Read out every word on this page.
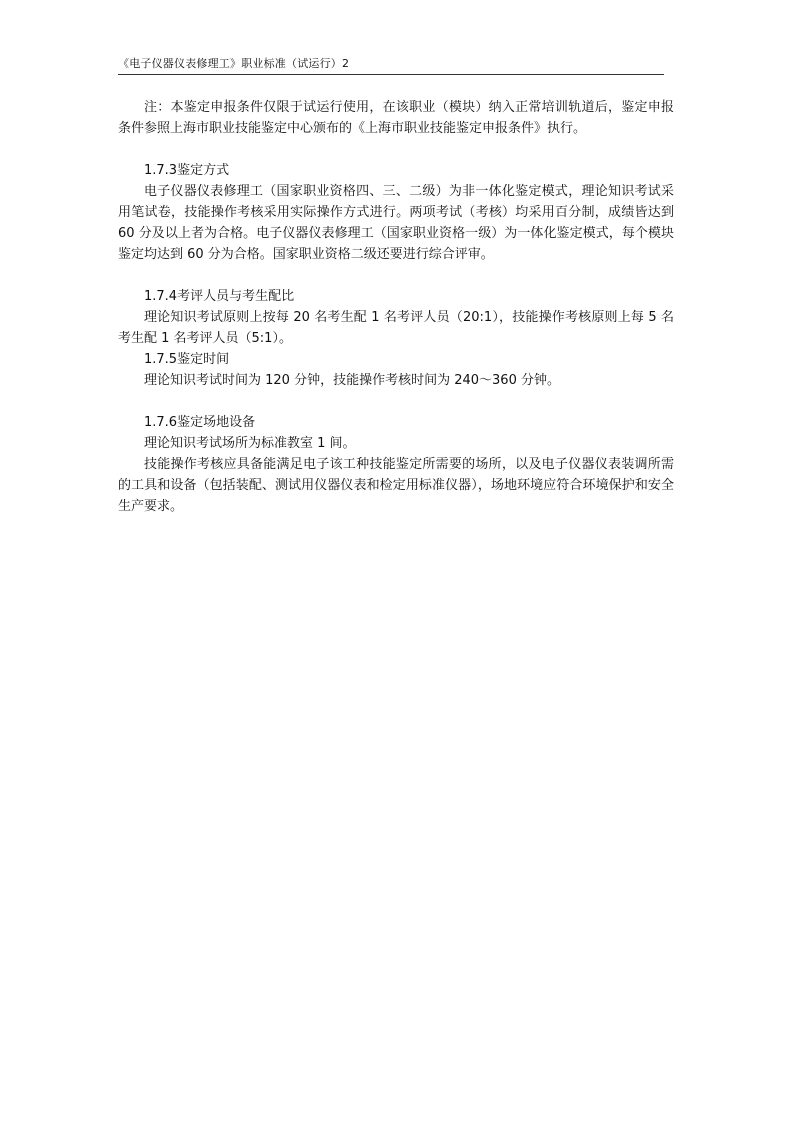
《电子仪器仪表修理工》职业标准（试运行）2

注：本鉴定申报条件仅限于试运行使用，在该职业（模块）纳入正常培训轨道后，鉴定申报条件参照上海市职业技能鉴定中心颁布的《上海市职业技能鉴定申报条件》执行。

1.7.3鉴定方式

电子仪器仪表修理工（国家职业资格四、三、二级）为非一体化鉴定模式，理论知识考试采用笔试卷，技能操作考核采用实际操作方式进行。两项考试（考核）均采用百分制，成绩皆达到 60 分及以上者为合格。电子仪器仪表修理工（国家职业资格一级）为一体化鉴定模式，每个模块鉴定均达到 60 分为合格。国家职业资格二级还要进行综合评审。

1.7.4考评人员与考生配比

理论知识考试原则上按每 20 名考生配 1 名考评人员（20:1），技能操作考核原则上每 5 名考生配 1 名考评人员（5:1）。

1.7.5鉴定时间

理论知识考试时间为 120 分钟，技能操作考核时间为 240～360 分钟。

1.7.6鉴定场地设备

理论知识考试场所为标准教室 1 间。

技能操作考核应具备能满足电子该工种技能鉴定所需要的场所，以及电子仪器仪表装调所需的工具和设备（包括装配、测试用仪器仪表和检定用标准仪器），场地环境应符合环境保护和安全生产要求。
